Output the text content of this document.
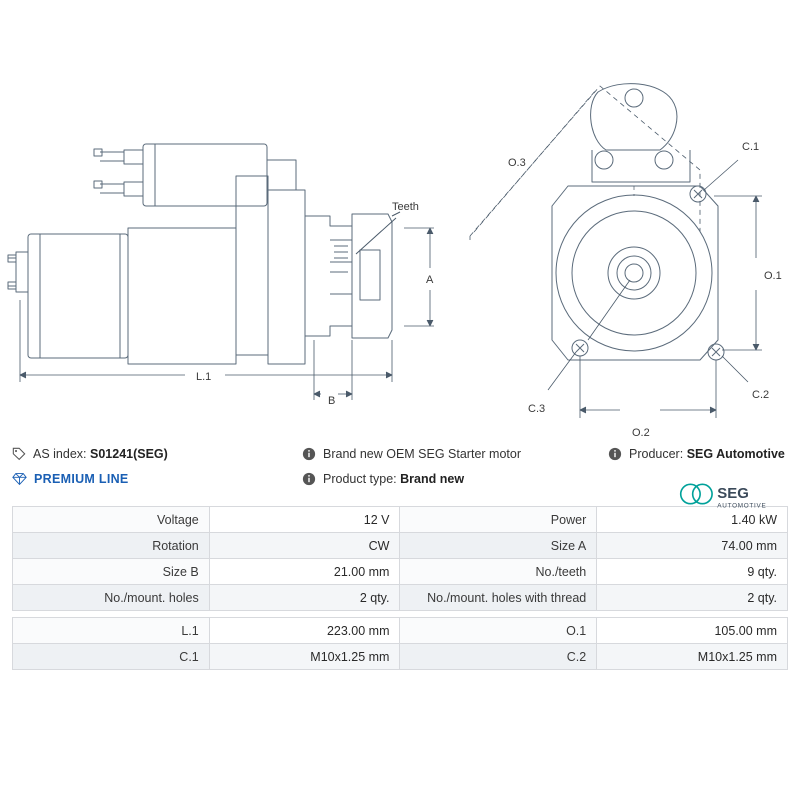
Teeth
A
B
L.1
O.3
O.1
O.2
C.1
C.2
C.3
AS index:
S01241(SEG)	Brand new OEM SEG Starter motor	Producer:
SEG Automotive
PREMIUM LINE	Product type:
Brand new
SEG
AUTOMOTIVE
Voltage	12 V	Power	1.40 kW
Rotation	CW	Size A	74.00 mm
Size B	21.00 mm	No./teeth	9 qty.
No./mount. holes	2 qty.	No./mount. holes with thread	2 qty.

L.1	223.00 mm	O.1	105.00 mm
C.1	M10x1.25 mm	C.2	M10x1.25 mm
